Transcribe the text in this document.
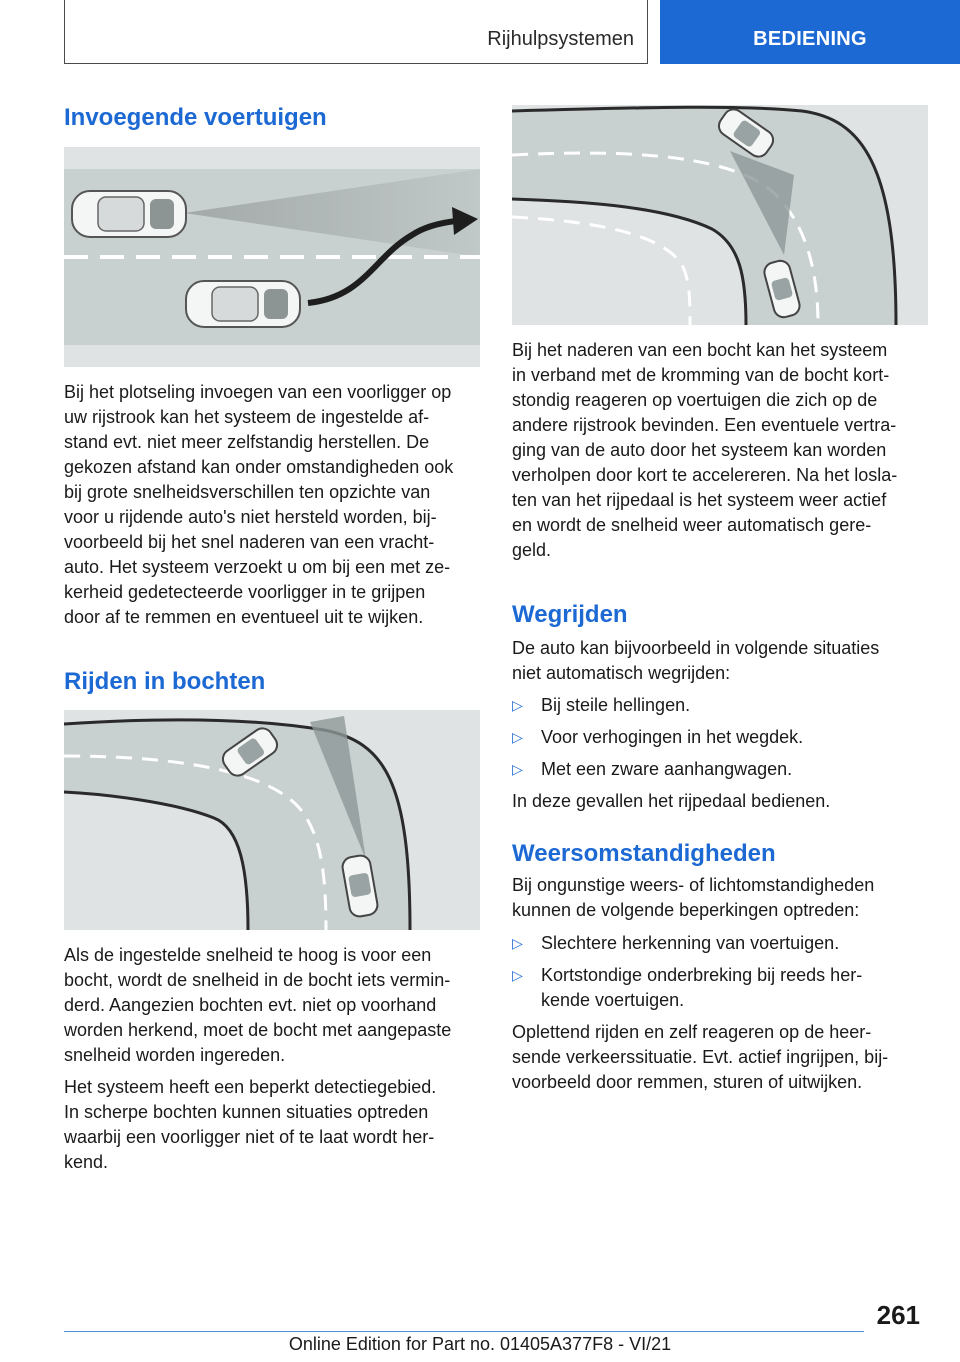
Rijhulpsystemen	BEDIENING
Invoegende voertuigen

Bij het plotseling invoegen van een voorligger op
uw rijstrook kan het systeem de ingestelde af-
stand evt. niet meer zelfstandig herstellen. De
gekozen afstand kan onder omstandigheden ook
bij grote snelheidsverschillen ten opzichte van
voor u rijdende auto's niet hersteld worden, bij-
voorbeeld bij het snel naderen van een vracht-
auto. Het systeem verzoekt u om bij een met ze-
kerheid gedetecteerde voorligger in te grijpen
door af te remmen en eventueel uit te wijken.

Rijden in bochten

Als de ingestelde snelheid te hoog is voor een
bocht, wordt de snelheid in de bocht iets vermin-
derd. Aangezien bochten evt. niet op voorhand
worden herkend, moet de bocht met aangepaste
snelheid worden ingereden.

Het systeem heeft een beperkt detectiegebied.
In scherpe bochten kunnen situaties optreden
waarbij een voorligger niet of te laat wordt her-
kend.

Bij het naderen van een bocht kan het systeem
in verband met de kromming van de bocht kort-
stondig reageren op voertuigen die zich op de
andere rijstrook bevinden. Een eventuele vertra-
ging van de auto door het systeem kan worden
verholpen door kort te accelereren. Na het losla-
ten van het rijpedaal is het systeem weer actief
en wordt de snelheid weer automatisch gere-
geld.

Wegrijden

De auto kan bijvoorbeeld in volgende situaties
niet automatisch wegrijden:

▷ Bij steile hellingen.
▷ Voor verhogingen in het wegdek.
▷ Met een zware aanhangwagen.

In deze gevallen het rijpedaal bedienen.

Weersomstandigheden

Bij ongunstige weers- of lichtomstandigheden
kunnen de volgende beperkingen optreden:

▷ Slechtere herkenning van voertuigen.
▷ Kortstondige onderbreking bij reeds her-
kende voertuigen.

Oplettend rijden en zelf reageren op de heer-
sende verkeerssituatie. Evt. actief ingrijpen, bij-
voorbeeld door remmen, sturen of uitwijken.

261
Online Edition for Part no. 01405A377F8 - VI/21
